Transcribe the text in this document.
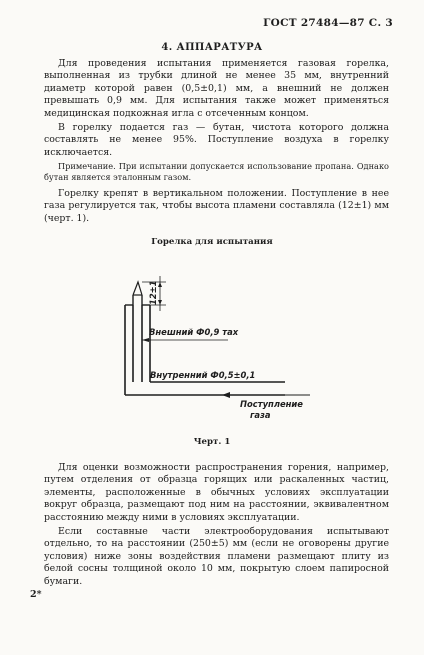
ГОСТ 27484—87 С. 3
4. АППАРАТУРА

Для проведения испытания применяется газовая горелка, выполненная из трубки длиной не менее 35 мм, внутренний диаметр которой равен (0,5±0,1) мм, а внешний не должен превышать 0,9 мм. Для испытания также может применяться медицинская подкожная игла с отсеченным концом.

В горелку подается газ — бутан, чистота которого должна составлять не менее 95%. Поступление воздуха в горелку исключается.

Примечание. При испытании допускается использование пропана. Однако бутан является эталонным газом.

Горелку крепят в вертикальном положении. Поступление в нее газа регулируется так, чтобы высота пламени составляла (12±1) мм (черт. 1).

Горелка для испытания
12±1
Внешний Ф0,9 тах
Внутренний Ф0,5±0,1
Поступление
газа
Черт. 1

Для оценки возможности распространения горения, например, путем отделения от образца горящих или раскаленных частиц, элементы, расположенные в обычных условиях эксплуатации вокруг образца, размещают под ним на расстоянии, эквивалентном расстоянию между ними в условиях эксплуатации.

Если составные части электрооборудования испытывают отдельно, то на расстоянии (250±5) мм (если не оговорены другие условия) ниже зоны воздействия пламени размещают плиту из белой сосны толщиной около 10 мм, покрытую слоем папиросной бумаги.

2*
